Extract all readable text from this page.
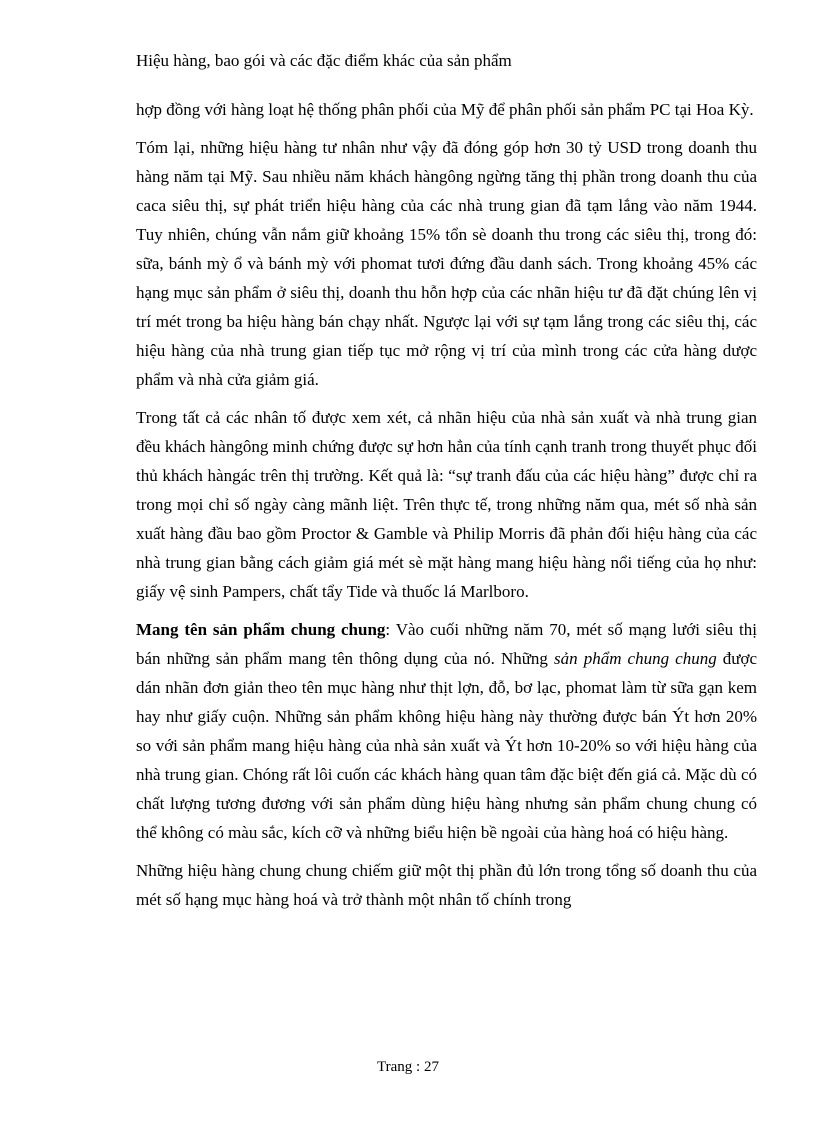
Hiệu hàng, bao gói và các đặc điểm khác của sản phẩm

hợp đồng với hàng loạt hệ thống phân phối của Mỹ để phân phối sản phẩm PC tại Hoa Kỳ.

Tóm lại, những hiệu hàng tư nhân như vậy đã đóng góp hơn 30 tỷ USD trong doanh thu hàng năm tại Mỹ. Sau nhiều năm khách hàngông ngừng tăng thị phần trong doanh thu của caca siêu thị, sự phát triển hiệu hàng của các nhà trung gian đã tạm lắng vào năm 1944. Tuy nhiên, chúng vẫn nắm giữ khoảng 15% tổn sè doanh thu trong các siêu thị, trong đó: sữa, bánh mỳ ổ và bánh mỳ với phomat tươi đứng đầu danh sách. Trong khoảng 45% các hạng mục sản phẩm ở siêu thị, doanh thu hỗn hợp của các nhãn hiệu tư đã đặt chúng lên vị trí mét trong ba hiệu hàng bán chạy nhất. Ngược lại với sự tạm lắng trong các siêu thị, các hiệu hàng của nhà trung gian tiếp tục mở rộng vị trí của mình trong các cửa hàng dược phẩm và nhà cửa giảm giá.

Trong tất cả các nhân tố được xem xét, cả nhãn hiệu của nhà sản xuất và nhà trung gian đều khách hàngông minh chứng được sự hơn hẳn của tính cạnh tranh trong thuyết phục đối thủ khách hàngác trên thị trường. Kết quả là: “sự tranh đấu của các hiệu hàng” được chỉ ra trong mọi chỉ số ngày càng mãnh liệt. Trên thực tế, trong những năm qua, mét số nhà sản xuất hàng đầu bao gồm Proctor & Gamble và Philip Morris đã phản đối hiệu hàng của các nhà trung gian bằng cách giảm giá mét sè mặt hàng mang hiệu hàng nổi tiếng của họ như: giấy vệ sinh Pampers, chất tẩy Tide và thuốc lá Marlboro.

Mang tên sản phẩm chung chung: Vào cuối những năm 70, mét số mạng lưới siêu thị bán những sản phẩm mang tên thông dụng của nó. Những sản phẩm chung chung được dán nhãn đơn giản theo tên mục hàng như thịt lợn, đỗ, bơ lạc, phomat làm từ sữa gạn kem hay như giấy cuộn. Những sản phẩm không hiệu hàng này thường được bán Ýt hơn 20% so với sản phẩm mang hiệu hàng của nhà sản xuất và Ýt hơn 10-20% so với hiệu hàng của nhà trung gian. Chóng rất lôi cuốn các khách hàng quan tâm đặc biệt đến giá cả. Mặc dù có chất lượng tương đương với sản phẩm dùng hiệu hàng nhưng sản phẩm chung chung có thể không có màu sắc, kích cỡ và những biểu hiện bề ngoài của hàng hoá có hiệu hàng.

Những hiệu hàng chung chung chiếm giữ một thị phần đủ lớn trong tổng số doanh thu của mét số hạng mục hàng hoá và trở thành một nhân tố chính trong

Trang : 27
